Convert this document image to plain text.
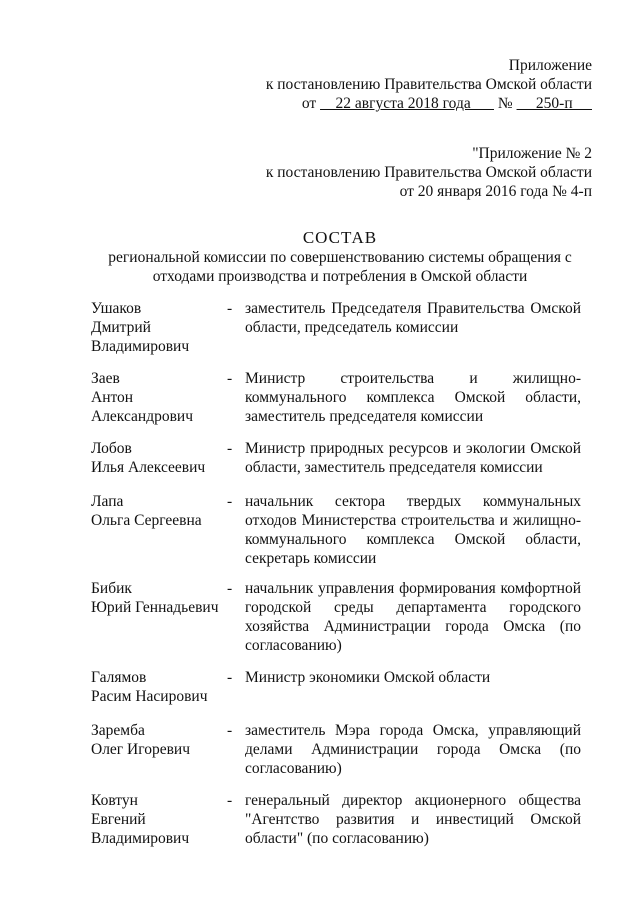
Приложение
к постановлению Правительства Омской области
от     22 августа 2018 года       №      250-п
"Приложение № 2
к постановлению Правительства Омской области
от 20 января 2016 года № 4-п
СОСТАВ
региональной комиссии по совершенствованию системы обращения с
отходами производства и потребления в Омской области
Ушаков
Дмитрий
Владимирович
- заместитель Председателя Правительства Омской области, председатель комиссии
Заев
Антон
Александрович
- Министр строительства и жилищно-коммунального комплекса Омской области, заместитель председателя комиссии
Лобов
Илья Алексеевич
- Министр природных ресурсов и экологии Омской области, заместитель председателя комиссии
Лапа
Ольга Сергеевна
- начальник сектора твердых коммунальных отходов Министерства строительства и жилищно-коммунального комплекса Омской области, секретарь комиссии
Бибик
Юрий Геннадьевич
- начальник управления формирования комфортной городской среды департамента городского хозяйства Администрации города Омска (по согласованию)
Галямов
Расим Насирович
- Министр экономики Омской области
Заремба
Олег Игоревич
- заместитель Мэра города Омска, управляющий делами Администрации города Омска (по согласованию)
Ковтун
Евгений
Владимирович
- генеральный директор акционерного общества "Агентство развития и инвестиций Омской области" (по согласованию)
